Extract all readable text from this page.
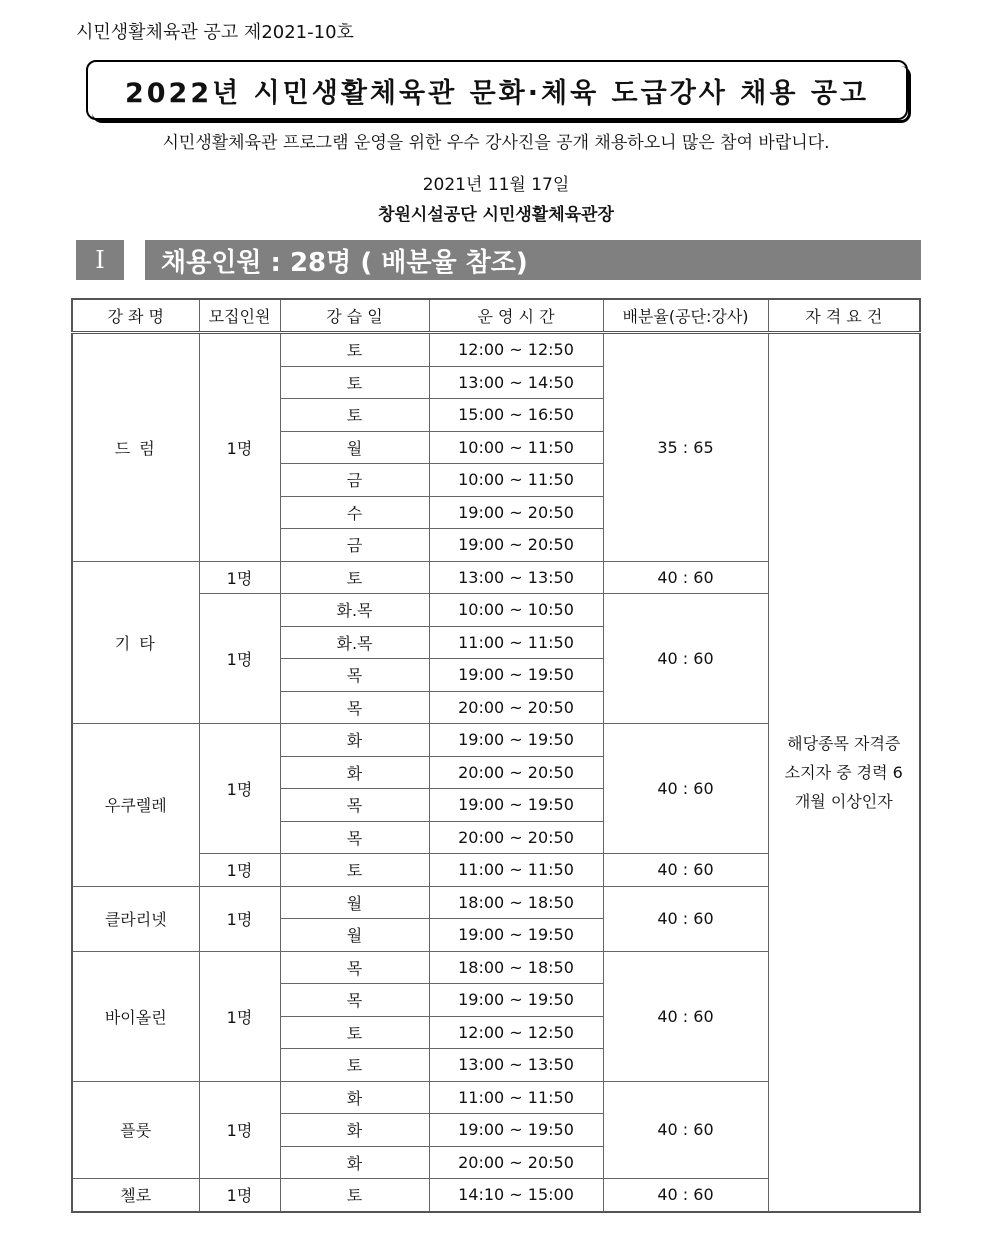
시민생활체육관 공고 제2021-10호
2022년 시민생활체육관 문화·체육 도급강사 채용 공고
시민생활체육관 프로그램 운영을 위한 우수 강사진을 공개 채용하오니 많은 참여 바랍니다.
2021년 11월 17일
창원시설공단 시민생활체육관장
Ⅰ	채용인원 : 28명 ( 배분율 참조)
강 좌 명	모집인원	강 습 일	운 영 시 간	배분율(공단:강사)	자 격 요 건
드 럼	1명	토	12:00 ~ 12:50	35 : 65	해당종목 자격증 소지자 중 경력 6개월 이상인자
		토	13:00 ~ 14:50		
		토	15:00 ~ 16:50		
		월	10:00 ~ 11:50		
		금	10:00 ~ 11:50		
		수	19:00 ~ 20:50		
		금	19:00 ~ 20:50		
기 타	1명	토	13:00 ~ 13:50	40 : 60	
	1명	화.목	10:00 ~ 10:50	40 : 60	
		화.목	11:00 ~ 11:50		
		목	19:00 ~ 19:50		
		목	20:00 ~ 20:50		
우쿠렐레	1명	화	19:00 ~ 19:50	40 : 60	
		화	20:00 ~ 20:50		
		목	19:00 ~ 19:50		
		목	20:00 ~ 20:50		
	1명	토	11:00 ~ 11:50	40 : 60	
클라리넷	1명	월	18:00 ~ 18:50	40 : 60	
		월	19:00 ~ 19:50		
바이올린	1명	목	18:00 ~ 18:50	40 : 60	
		목	19:00 ~ 19:50		
		토	12:00 ~ 12:50		
		토	13:00 ~ 13:50		
플룻	1명	화	11:00 ~ 11:50	40 : 60	
		화	19:00 ~ 19:50		
		화	20:00 ~ 20:50		
첼로	1명	토	14:10 ~ 15:00	40 : 60	
